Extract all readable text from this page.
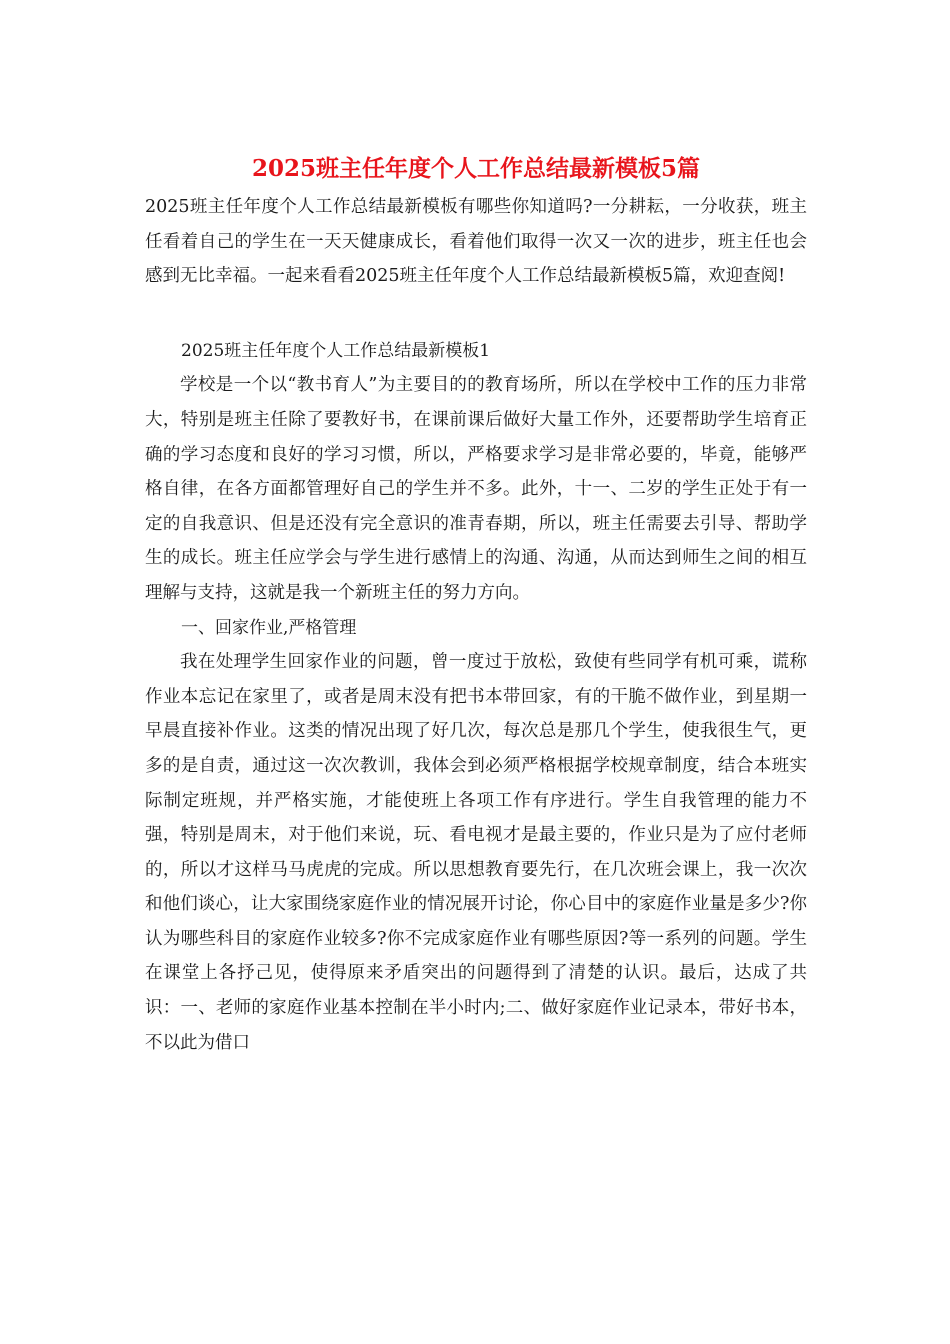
2025班主任年度个人工作总结最新模板5篇

2025班主任年度个人工作总结最新模板有哪些你知道吗?一分耕耘，一分收获，班主任看着自己的学生在一天天健康成长，看着他们取得一次又一次的进步，班主任也会感到无比幸福。一起来看看2025班主任年度个人工作总结最新模板5篇，欢迎查阅!

2025班主任年度个人工作总结最新模板1

学校是一个以“教书育人”为主要目的的教育场所，所以在学校中工作的压力非常大，特别是班主任除了要教好书，在课前课后做好大量工作外，还要帮助学生培育正确的学习态度和良好的学习习惯，所以，严格要求学习是非常必要的，毕竟，能够严格自律，在各方面都管理好自己的学生并不多。此外，十一、二岁的学生正处于有一定的自我意识、但是还没有完全意识的准青春期，所以，班主任需要去引导、帮助学生的成长。班主任应学会与学生进行感情上的沟通、沟通，从而达到师生之间的相互理解与支持，这就是我一个新班主任的努力方向。

一、回家作业,严格管理

我在处理学生回家作业的问题，曾一度过于放松，致使有些同学有机可乘，谎称作业本忘记在家里了，或者是周末没有把书本带回家，有的干脆不做作业，到星期一早晨直接补作业。这类的情况出现了好几次，每次总是那几个学生，使我很生气，更多的是自责，通过这一次次教训，我体会到必须严格根据学校规章制度，结合本班实际制定班规，并严格实施，才能使班上各项工作有序进行。学生自我管理的能力不强，特别是周末，对于他们来说，玩、看电视才是最主要的，作业只是为了应付老师的，所以才这样马马虎虎的完成。所以思想教育要先行，在几次班会课上，我一次次和他们谈心，让大家围绕家庭作业的情况展开讨论，你心目中的家庭作业量是多少?你认为哪些科目的家庭作业较多?你不完成家庭作业有哪些原因?等一系列的问题。学生在课堂上各抒己见，使得原来矛盾突出的问题得到了清楚的认识。最后，达成了共识：一、老师的家庭作业基本控制在半小时内;二、做好家庭作业记录本，带好书本，不以此为借口
